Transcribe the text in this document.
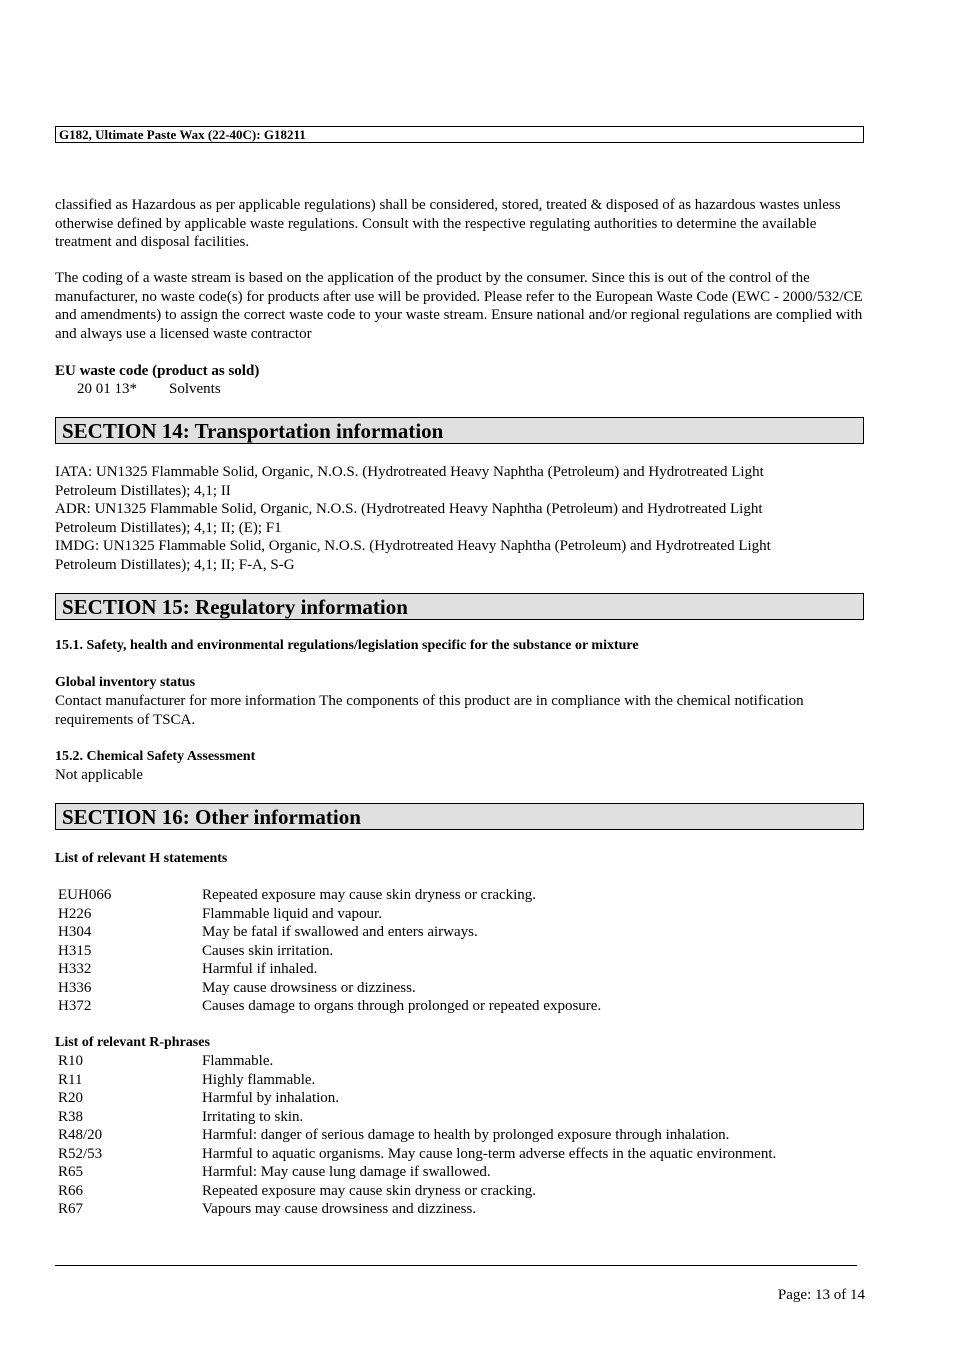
G182, Ultimate Paste Wax (22-40C): G18211
classified as Hazardous as per applicable regulations) shall be considered, stored, treated & disposed of as hazardous wastes unless otherwise defined by applicable waste regulations. Consult with the respective regulating authorities to determine the available treatment and disposal facilities.
The coding of a waste stream is based on the application of the product by the consumer. Since this is out of the control of the manufacturer, no waste code(s) for products after use will be provided. Please refer to the European Waste Code (EWC - 2000/532/CE and amendments) to assign the correct waste code to your waste stream. Ensure national and/or regional regulations are complied with and always use a licensed waste contractor
EU waste code (product as sold)
20 01 13* Solvents
SECTION 14: Transportation information
IATA: UN1325 Flammable Solid, Organic, N.O.S. (Hydrotreated Heavy Naphtha (Petroleum) and Hydrotreated Light
Petroleum Distillates); 4,1; II
ADR: UN1325 Flammable Solid, Organic, N.O.S. (Hydrotreated Heavy Naphtha (Petroleum) and Hydrotreated Light
Petroleum Distillates); 4,1; II; (E); F1
IMDG: UN1325 Flammable Solid, Organic, N.O.S. (Hydrotreated Heavy Naphtha (Petroleum) and Hydrotreated Light
Petroleum Distillates); 4,1; II; F-A, S-G
SECTION 15: Regulatory information
15.1. Safety, health and environmental regulations/legislation specific for the substance or mixture
Global inventory status
Contact manufacturer for more information The components of this product are in compliance with the chemical notification requirements of TSCA.
15.2. Chemical Safety Assessment
Not applicable
SECTION 16: Other information
List of relevant H statements
EUH066	Repeated exposure may cause skin dryness or cracking.
H226	Flammable liquid and vapour.
H304	May be fatal if swallowed and enters airways.
H315	Causes skin irritation.
H332	Harmful if inhaled.
H336	May cause drowsiness or dizziness.
H372	Causes damage to organs through prolonged or repeated exposure.
List of relevant R-phrases
R10	Flammable.
R11	Highly flammable.
R20	Harmful by inhalation.
R38	Irritating to skin.
R48/20	Harmful: danger of serious damage to health by prolonged exposure through inhalation.
R52/53	Harmful to aquatic organisms. May cause long-term adverse effects in the aquatic environment.
R65	Harmful: May cause lung damage if swallowed.
R66	Repeated exposure may cause skin dryness or cracking.
R67	Vapours may cause drowsiness and dizziness.
Page: 13 of 14
